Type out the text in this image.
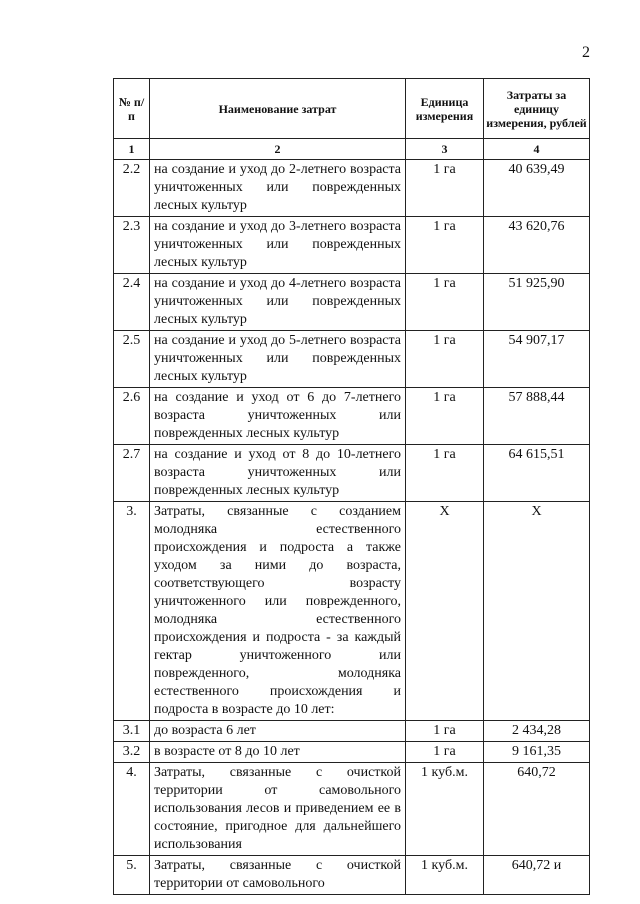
2
№ п/п	Наименование затрат	Единица измерения	Затраты за единицу измерения, рублей
1	2	3	4
2.2	на создание и уход до 2-летнего возраста уничтоженных или поврежденных лесных культур	1 га	40 639,49
2.3	на создание и уход до 3-летнего возраста уничтоженных или поврежденных лесных культур	1 га	43 620,76
2.4	на создание и уход до 4-летнего возраста уничтоженных или поврежденных лесных культур	1 га	51 925,90
2.5	на создание и уход до 5-летнего возраста уничтоженных или поврежденных лесных культур	1 га	54 907,17
2.6	на создание и уход от 6 до 7-летнего возраста уничтоженных или поврежденных лесных культур	1 га	57 888,44
2.7	на создание и уход от 8 до 10-летнего возраста уничтоженных или поврежденных лесных культур	1 га	64 615,51
3.	Затраты, связанные с созданием молодняка естественного происхождения и подроста а также уходом за ними до возраста, соответствующего возрасту уничтоженного или поврежденного, молодняка естественного происхождения и подроста - за каждый гектар уничтоженного или поврежденного, молодняка естественного происхождения и подроста в возрасте до 10 лет:	Х	Х
3.1	до возраста 6 лет	1 га	2 434,28
3.2	в возрасте от 8 до 10 лет	1 га	9 161,35
4.	Затраты, связанные с очисткой территории от самовольного использования лесов и приведением ее в состояние, пригодное для дальнейшего использования	1 куб.м.	640,72
5.	Затраты, связанные с очисткой территории от самовольного	1 куб.м.	640,72 и
